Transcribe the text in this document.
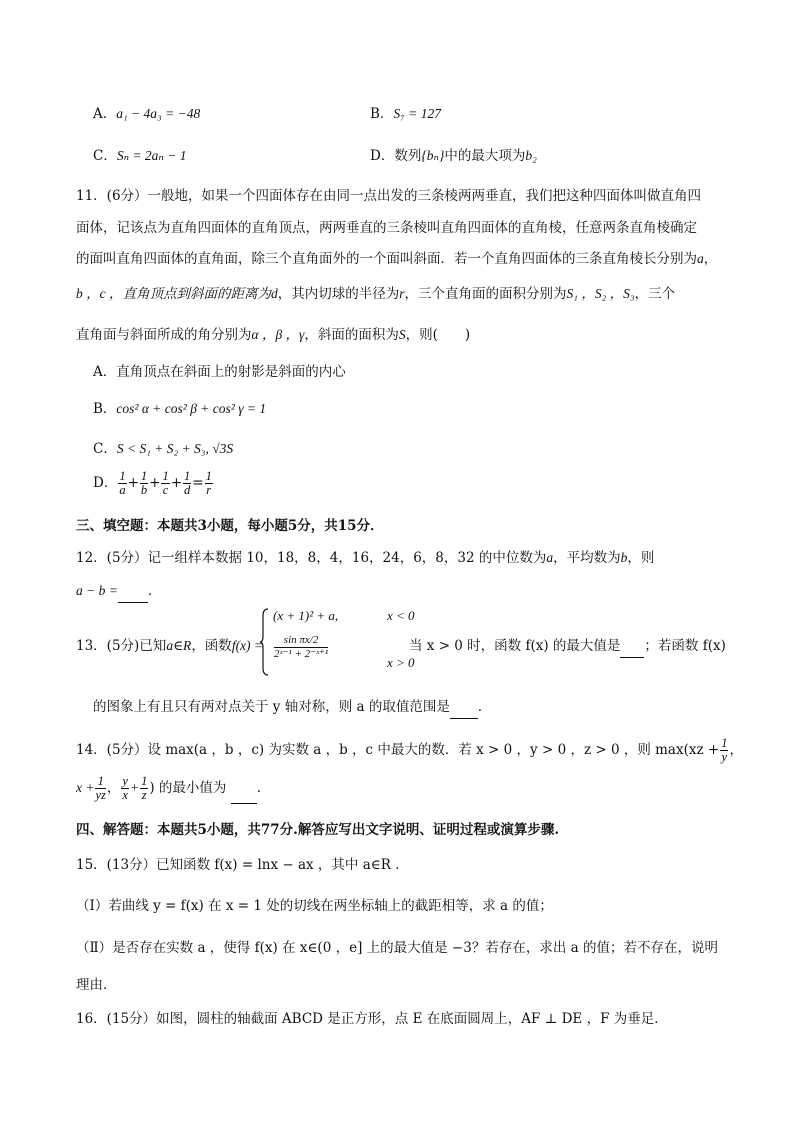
A．a₁ − 4a₃ = −48	B．S₇ = 127
C．Sₙ = 2aₙ − 1	D．数列{bₙ}中的最大项为b₂
11．(6分）一般地，如果一个四面体存在由同一点出发的三条棱两两垂直，我们把这种四面体叫做直角四
面体，记该点为直角四面体的直角顶点，两两垂直的三条棱叫直角四面体的直角棱，任意两条直角棱确定
的面叫直角四面体的直角面，除三个直角面外的一个面叫斜面．若一个直角四面体的三条直角棱长分别为a，
b ，c ，直角顶点到斜面的距离为d，其内切球的半径为r，三个直角面的面积分别为S₁ ，S₂ ，S₃，三个
直角面与斜面所成的角分别为α ，β ，γ，斜面的面积为S，则(　　)
A．直角顶点在斜面上的射影是斜面的内心
B．cos² α + cos² β + cos² γ = 1
C．S < S₁ + S₂ + S₃, √3S
D． $\frac{1}{a} + \frac{1}{b} + \frac{1}{c} + \frac{1}{d} = \frac{1}{r}$
三、填空题：本题共3小题，每小题5分，共15分．
12．(5分）记一组样本数据 10，18，8，4，16，24，6，8，32 的中位数为a，平均数为b，则
a − b = ．
13．(5分)已知a∈R，函数f(x) =
(x + 1)² + a,	x < 0
$\frac{\text{sin πx/2}}{\text{2ˣ⁻¹ + 2⁻ˣ⁺¹}}$
x > 0
当 x > 0 时，函数 f(x) 的最大值是 ；若函数 f(x)
的图象上有且只有两对点关于 y 轴对称，则 a 的取值范围是 ．
14．(5分）设 max(a ，b ，c) 为实数 a ，b ，c 中最大的数．若 x > 0 ，y > 0 ，z > 0 ，则 $\max(xz + \frac{1}{y}$ ，
$x + \frac{1}{yz}$ ， $\frac{y}{x} + \frac{1}{z}$ ) 的最小值为 ．
四、解答题：本题共5小题，共77分.解答应写出文字说明、证明过程或演算步骤.
15．(13分）已知函数 f(x) = lnx − ax ，其中 a∈R ．
（Ⅰ）若曲线 y = f(x) 在 x = 1 处的切线在两坐标轴上的截距相等，求 a 的值；
（Ⅱ）是否存在实数 a ，使得 f(x) 在 x∈(0 ，e] 上的最大值是 −3？若存在，求出 a 的值；若不存在，说明
理由．
16．(15分）如图，圆柱的轴截面 ABCD 是正方形，点 E 在底面圆周上，AF ⊥ DE ，F 为垂足．
